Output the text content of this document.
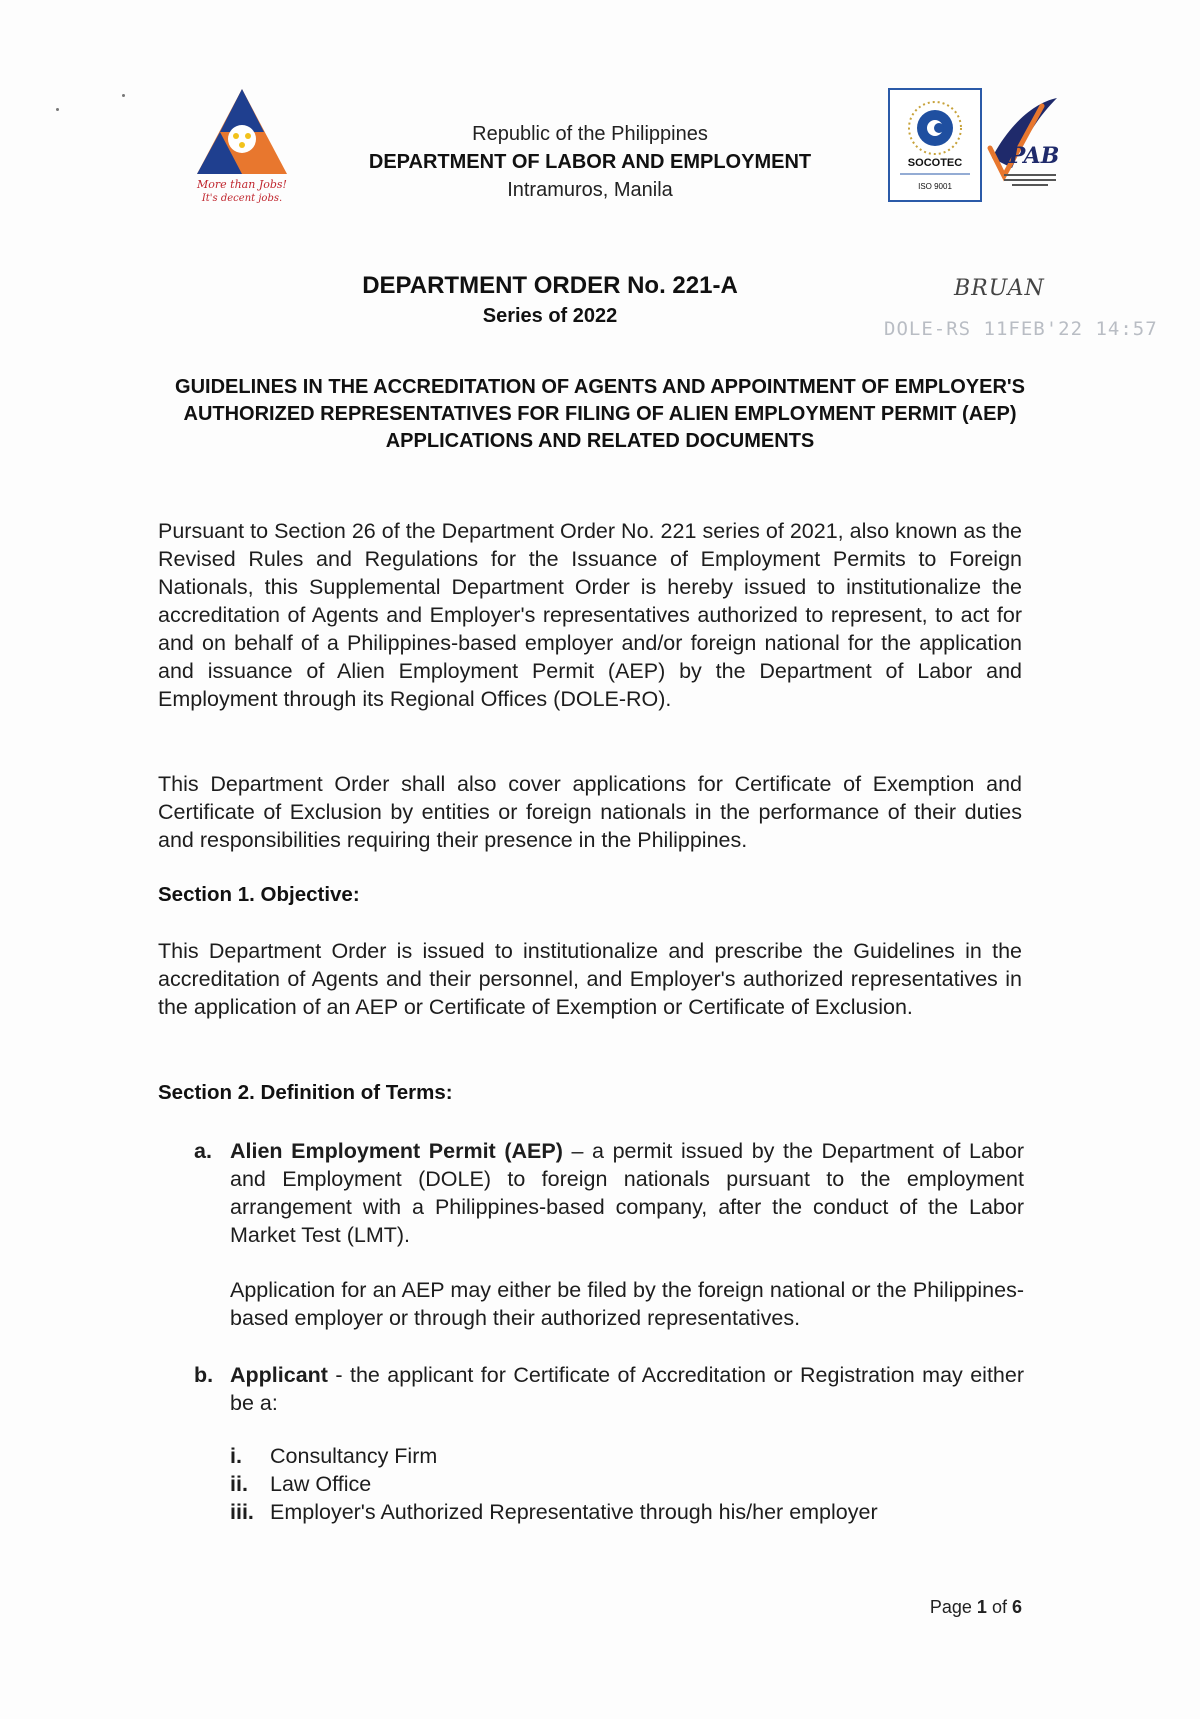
More than Jobs!
It's decent jobs.
Republic of the Philippines
DEPARTMENT OF LABOR AND EMPLOYMENT
Intramuros, Manila
SOCOTEC
ISO 9001
PAB
DEPARTMENT ORDER No. 221-A
Series of 2022
BRUAN
DOLE-RS 11FEB'22 14:57
GUIDELINES IN THE ACCREDITATION OF AGENTS AND APPOINTMENT OF EMPLOYER'S AUTHORIZED REPRESENTATIVES FOR FILING OF ALIEN EMPLOYMENT PERMIT (AEP) APPLICATIONS AND RELATED DOCUMENTS
Pursuant to Section 26 of the Department Order No. 221 series of 2021, also known as the Revised Rules and Regulations for the Issuance of Employment Permits to Foreign Nationals, this Supplemental Department Order is hereby issued to institutionalize the accreditation of Agents and Employer's representatives authorized to represent, to act for and on behalf of a Philippines-based employer and/or foreign national for the application and issuance of Alien Employment Permit (AEP) by the Department of Labor and Employment through its Regional Offices (DOLE-RO).
This Department Order shall also cover applications for Certificate of Exemption and Certificate of Exclusion by entities or foreign nationals in the performance of their duties and responsibilities requiring their presence in the Philippines.
Section 1. Objective:
This Department Order is issued to institutionalize and prescribe the Guidelines in the accreditation of Agents and their personnel, and Employer's authorized representatives in the application of an AEP or Certificate of Exemption or Certificate of Exclusion.
Section 2. Definition of Terms:
a. Alien Employment Permit (AEP) – a permit issued by the Department of Labor and Employment (DOLE) to foreign nationals pursuant to the employment arrangement with a Philippines-based company, after the conduct of the Labor Market Test (LMT).
Application for an AEP may either be filed by the foreign national or the Philippines-based employer or through their authorized representatives.
b. Applicant - the applicant for Certificate of Accreditation or Registration may either be a:
i. Consultancy Firm
ii. Law Office
iii. Employer's Authorized Representative through his/her employer
Page 1 of 6
